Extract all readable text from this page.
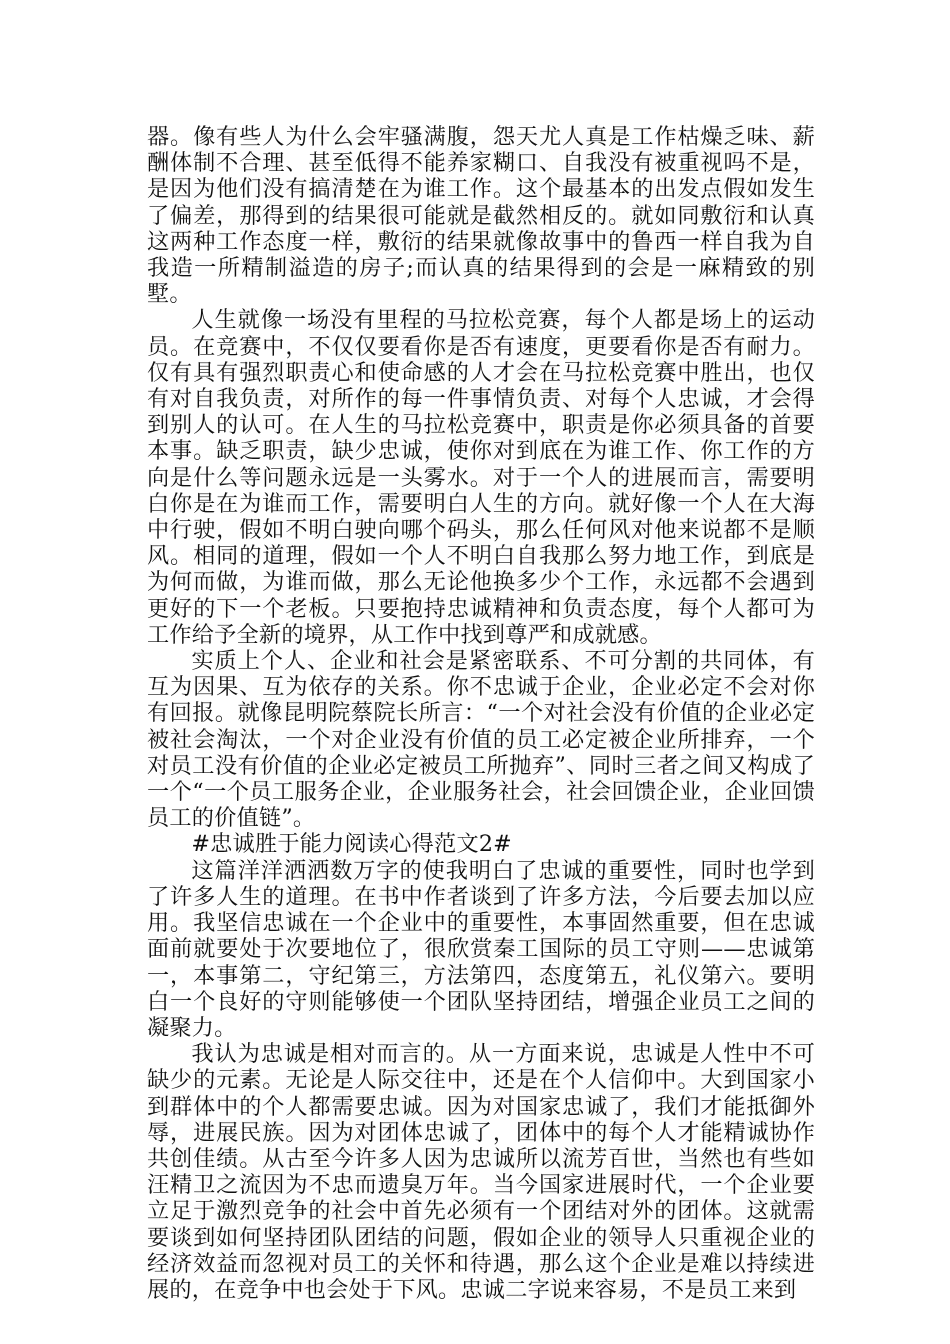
器。像有些人为什么会牢骚满腹，怨天尤人真是工作枯燥乏味、薪酬体制不合理、甚至低得不能养家糊口、自我没有被重视吗不是，是因为他们没有搞清楚在为谁工作。这个最基本的出发点假如发生了偏差，那得到的结果很可能就是截然相反的。就如同敷衍和认真这两种工作态度一样，敷衍的结果就像故事中的鲁西一样自我为自我造一所精制溢造的房子;而认真的结果得到的会是一麻精致的别墅。

人生就像一场没有里程的马拉松竞赛，每个人都是场上的运动员。在竞赛中，不仅仅要看你是否有速度，更要看你是否有耐力。仅有具有强烈职责心和使命感的人才会在马拉松竞赛中胜出，也仅有对自我负责，对所作的每一件事情负责、对每个人忠诚，才会得到别人的认可。在人生的马拉松竞赛中，职责是你必须具备的首要本事。缺乏职责，缺少忠诚，使你对到底在为谁工作、你工作的方向是什么等问题永远是一头雾水。对于一个人的进展而言，需要明白你是在为谁而工作，需要明白人生的方向。就好像一个人在大海中行驶，假如不明白驶向哪个码头，那么任何风对他来说都不是顺风。相同的道理，假如一个人不明白自我那么努力地工作，到底是为何而做，为谁而做，那么无论他换多少个工作，永远都不会遇到更好的下一个老板。只要抱持忠诚精神和负责态度，每个人都可为工作给予全新的境界，从工作中找到尊严和成就感。

实质上个人、企业和社会是紧密联系、不可分割的共同体，有互为因果、互为依存的关系。你不忠诚于企业，企业必定不会对你有回报。就像昆明院蔡院长所言：“一个对社会没有价值的企业必定被社会淘汰，一个对企业没有价值的员工必定被企业所排弃，一个对员工没有价值的企业必定被员工所抛弃”、同时三者之间又构成了一个“一个员工服务企业，企业服务社会，社会回馈企业，企业回馈员工的价值链”。

#忠诚胜于能力阅读心得范文2#

这篇洋洋洒洒数万字的使我明白了忠诚的重要性，同时也学到了许多人生的道理。在书中作者谈到了许多方法，今后要去加以应用。我坚信忠诚在一个企业中的重要性，本事固然重要，但在忠诚面前就要处于次要地位了，很欣赏秦工国际的员工守则——忠诚第一，本事第二，守纪第三，方法第四，态度第五，礼仪第六。要明白一个良好的守则能够使一个团队坚持团结，增强企业员工之间的凝聚力。

我认为忠诚是相对而言的。从一方面来说，忠诚是人性中不可缺少的元素。无论是人际交往中，还是在个人信仰中。大到国家小到群体中的个人都需要忠诚。因为对国家忠诚了，我们才能抵御外辱，进展民族。因为对团体忠诚了，团体中的每个人才能精诚协作共创佳绩。从古至今许多人因为忠诚所以流芳百世，当然也有些如汪精卫之流因为不忠而遗臭万年。当今国家进展时代，一个企业要立足于激烈竞争的社会中首先必须有一个团结对外的团体。这就需要谈到如何坚持团队团结的问题，假如企业的领导人只重视企业的经济效益而忽视对员工的关怀和待遇，那么这个企业是难以持续进展的，在竞争中也会处于下风。忠诚二字说来容易，不是员工来到
